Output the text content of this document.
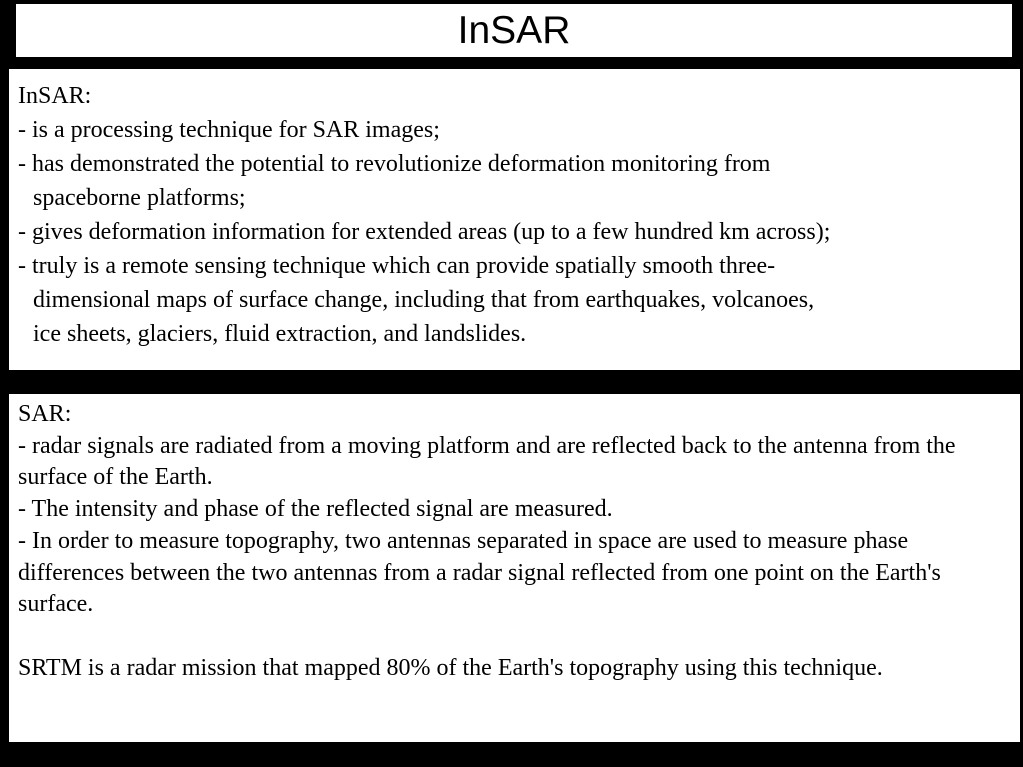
InSAR
InSAR:
- is a processing technique for SAR images;
- has demonstrated the potential to revolutionize deformation monitoring from
spaceborne platforms;
- gives deformation information for extended areas (up to a few hundred km across);
- truly is a remote sensing technique which can provide spatially smooth three-
dimensional maps of surface change, including that from earthquakes, volcanoes,
ice sheets, glaciers, fluid extraction, and landslides.
SAR:
- radar signals are radiated from a moving platform and are reflected back to the antenna from the surface of the Earth.
- The intensity and phase of the reflected signal are measured.
- In order to measure topography, two antennas separated in space are used to measure phase differences between the two antennas from a radar signal reflected from one point on the Earth's surface.
SRTM is a radar mission that mapped 80% of the Earth's topography using this technique.
